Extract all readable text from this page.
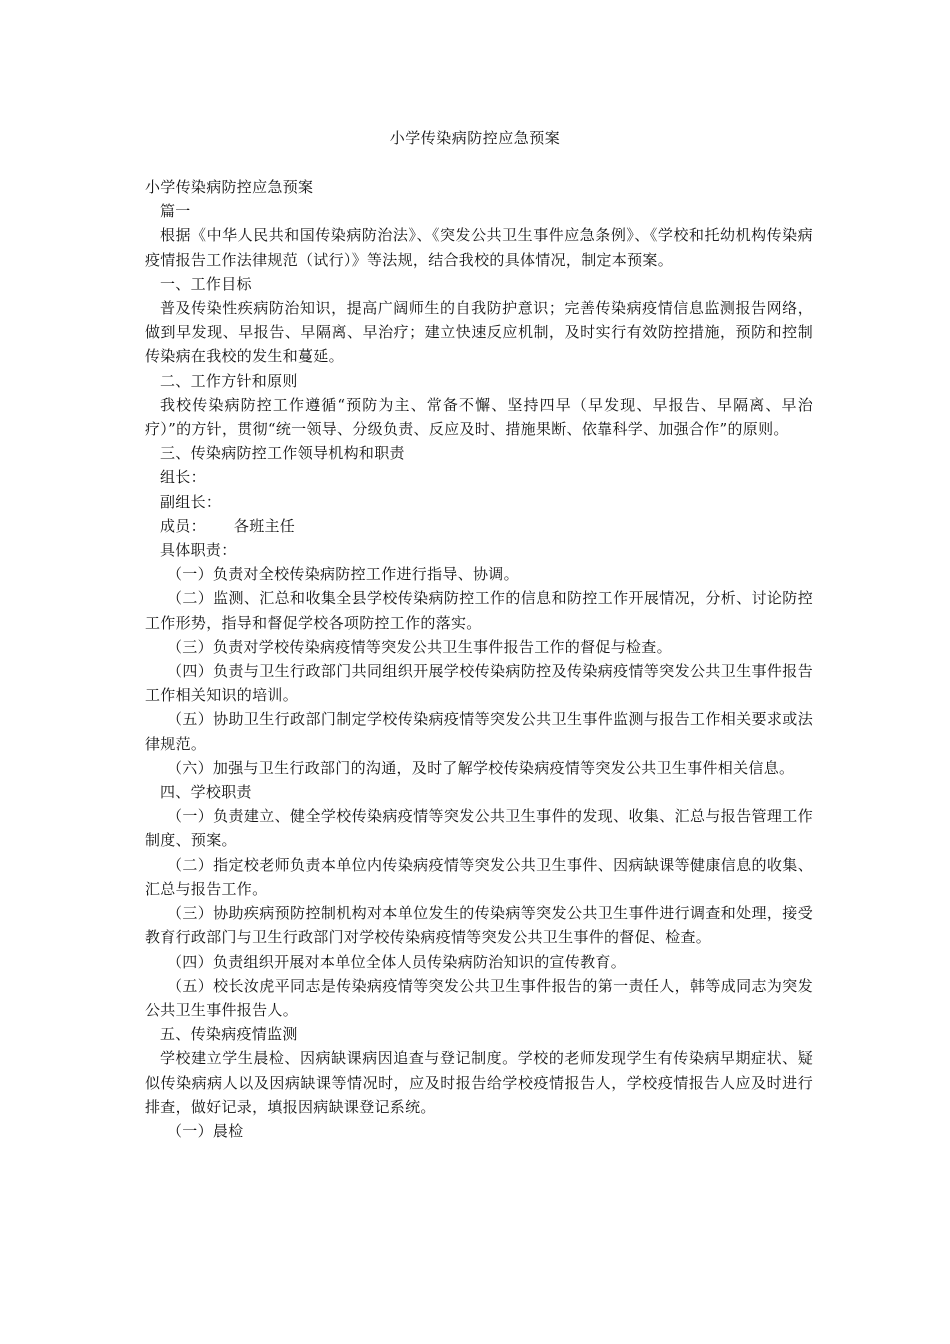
小学传染病防控应急预案

小学传染病防控应急预案

篇一

根据《中华人民共和国传染病防治法》、《突发公共卫生事件应急条例》、《学校和托幼机构传染病疫情报告工作法律规范（试行）》等法规，结合我校的具体情况，制定本预案。

一、工作目标

普及传染性疾病防治知识，提高广阔师生的自我防护意识；完善传染病疫情信息监测报告网络，做到早发现、早报告、早隔离、早治疗；建立快速反应机制，及时实行有效防控措施，预防和控制传染病在我校的发生和蔓延。

二、工作方针和原则

我校传染病防控工作遵循“预防为主、常备不懈、坚持四早（早发现、早报告、早隔离、早治疗）”的方针，贯彻“统一领导、分级负责、反应及时、措施果断、依靠科学、加强合作”的原则。

三、传染病防控工作领导机构和职责

组长：

副组长：

成员： 各班主任

具体职责：

（一）负责对全校传染病防控工作进行指导、协调。

（二）监测、汇总和收集全县学校传染病防控工作的信息和防控工作开展情况，分析、讨论防控工作形势，指导和督促学校各项防控工作的落实。

（三）负责对学校传染病疫情等突发公共卫生事件报告工作的督促与检查。

（四）负责与卫生行政部门共同组织开展学校传染病防控及传染病疫情等突发公共卫生事件报告工作相关知识的培训。

（五）协助卫生行政部门制定学校传染病疫情等突发公共卫生事件监测与报告工作相关要求或法律规范。

（六）加强与卫生行政部门的沟通，及时了解学校传染病疫情等突发公共卫生事件相关信息。

四、学校职责

（一）负责建立、健全学校传染病疫情等突发公共卫生事件的发现、收集、汇总与报告管理工作制度、预案。

（二）指定校老师负责本单位内传染病疫情等突发公共卫生事件、因病缺课等健康信息的收集、汇总与报告工作。

（三）协助疾病预防控制机构对本单位发生的传染病等突发公共卫生事件进行调查和处理，接受教育行政部门与卫生行政部门对学校传染病疫情等突发公共卫生事件的督促、检查。

（四）负责组织开展对本单位全体人员传染病防治知识的宣传教育。

（五）校长汝虎平同志是传染病疫情等突发公共卫生事件报告的第一责任人，韩等成同志为突发公共卫生事件报告人。

五、传染病疫情监测

学校建立学生晨检、因病缺课病因追查与登记制度。学校的老师发现学生有传染病早期症状、疑似传染病病人以及因病缺课等情况时，应及时报告给学校疫情报告人，学校疫情报告人应及时进行排查，做好记录，填报因病缺课登记系统。

（一）晨检
